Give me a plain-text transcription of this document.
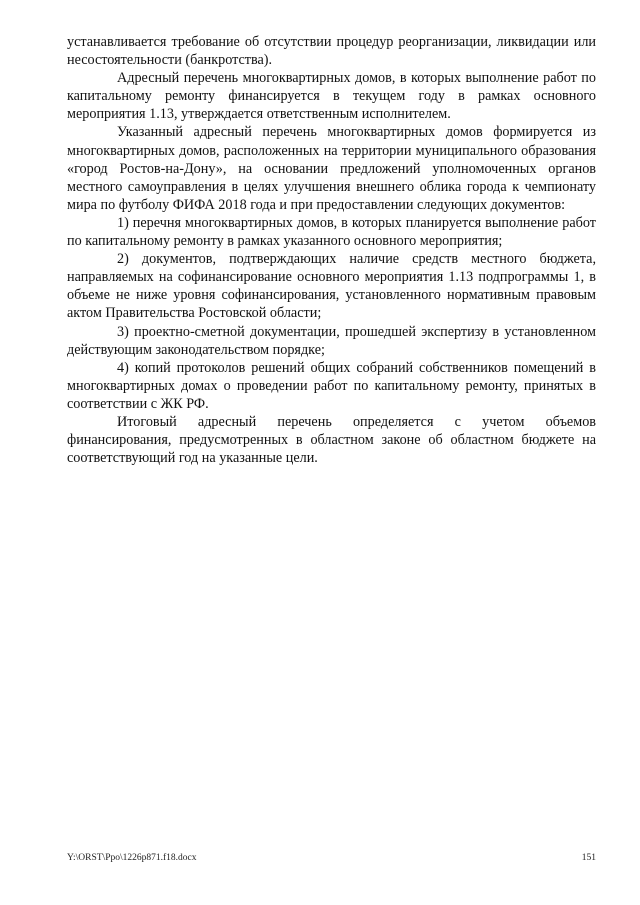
устанавливается требование об отсутствии процедур реорганизации, ликвидации или несостоятельности (банкротства).

Адресный перечень многоквартирных домов, в которых выполнение работ по капитальному ремонту финансируется в текущем году в рамках основного мероприятия 1.13, утверждается ответственным исполнителем.

Указанный адресный перечень многоквартирных домов формируется из многоквартирных домов, расположенных на территории муниципального образования «город Ростов-на-Дону», на основании предложений уполномоченных органов местного самоуправления в целях улучшения внешнего облика города к чемпионату мира по футболу ФИФА 2018 года и при предоставлении следующих документов:

1) перечня многоквартирных домов, в которых планируется выполнение работ по капитальному ремонту в рамках указанного основного мероприятия;

2) документов, подтверждающих наличие средств местного бюджета, направляемых на софинансирование основного мероприятия 1.13 подпрограммы 1, в объеме не ниже уровня софинансирования, установленного нормативным правовым актом Правительства Ростовской области;

3) проектно-сметной документации, прошедшей экспертизу в установленном действующим законодательством порядке;

4) копий протоколов решений общих собраний собственников помещений в многоквартирных домах о проведении работ по капитальному ремонту, принятых в соответствии с ЖК РФ.

Итоговый адресный перечень определяется с учетом объемов финансирования, предусмотренных в областном законе об областном бюджете на соответствующий год на указанные цели.

Y:\ORST\Ppo\1226p871.f18.docx	151
